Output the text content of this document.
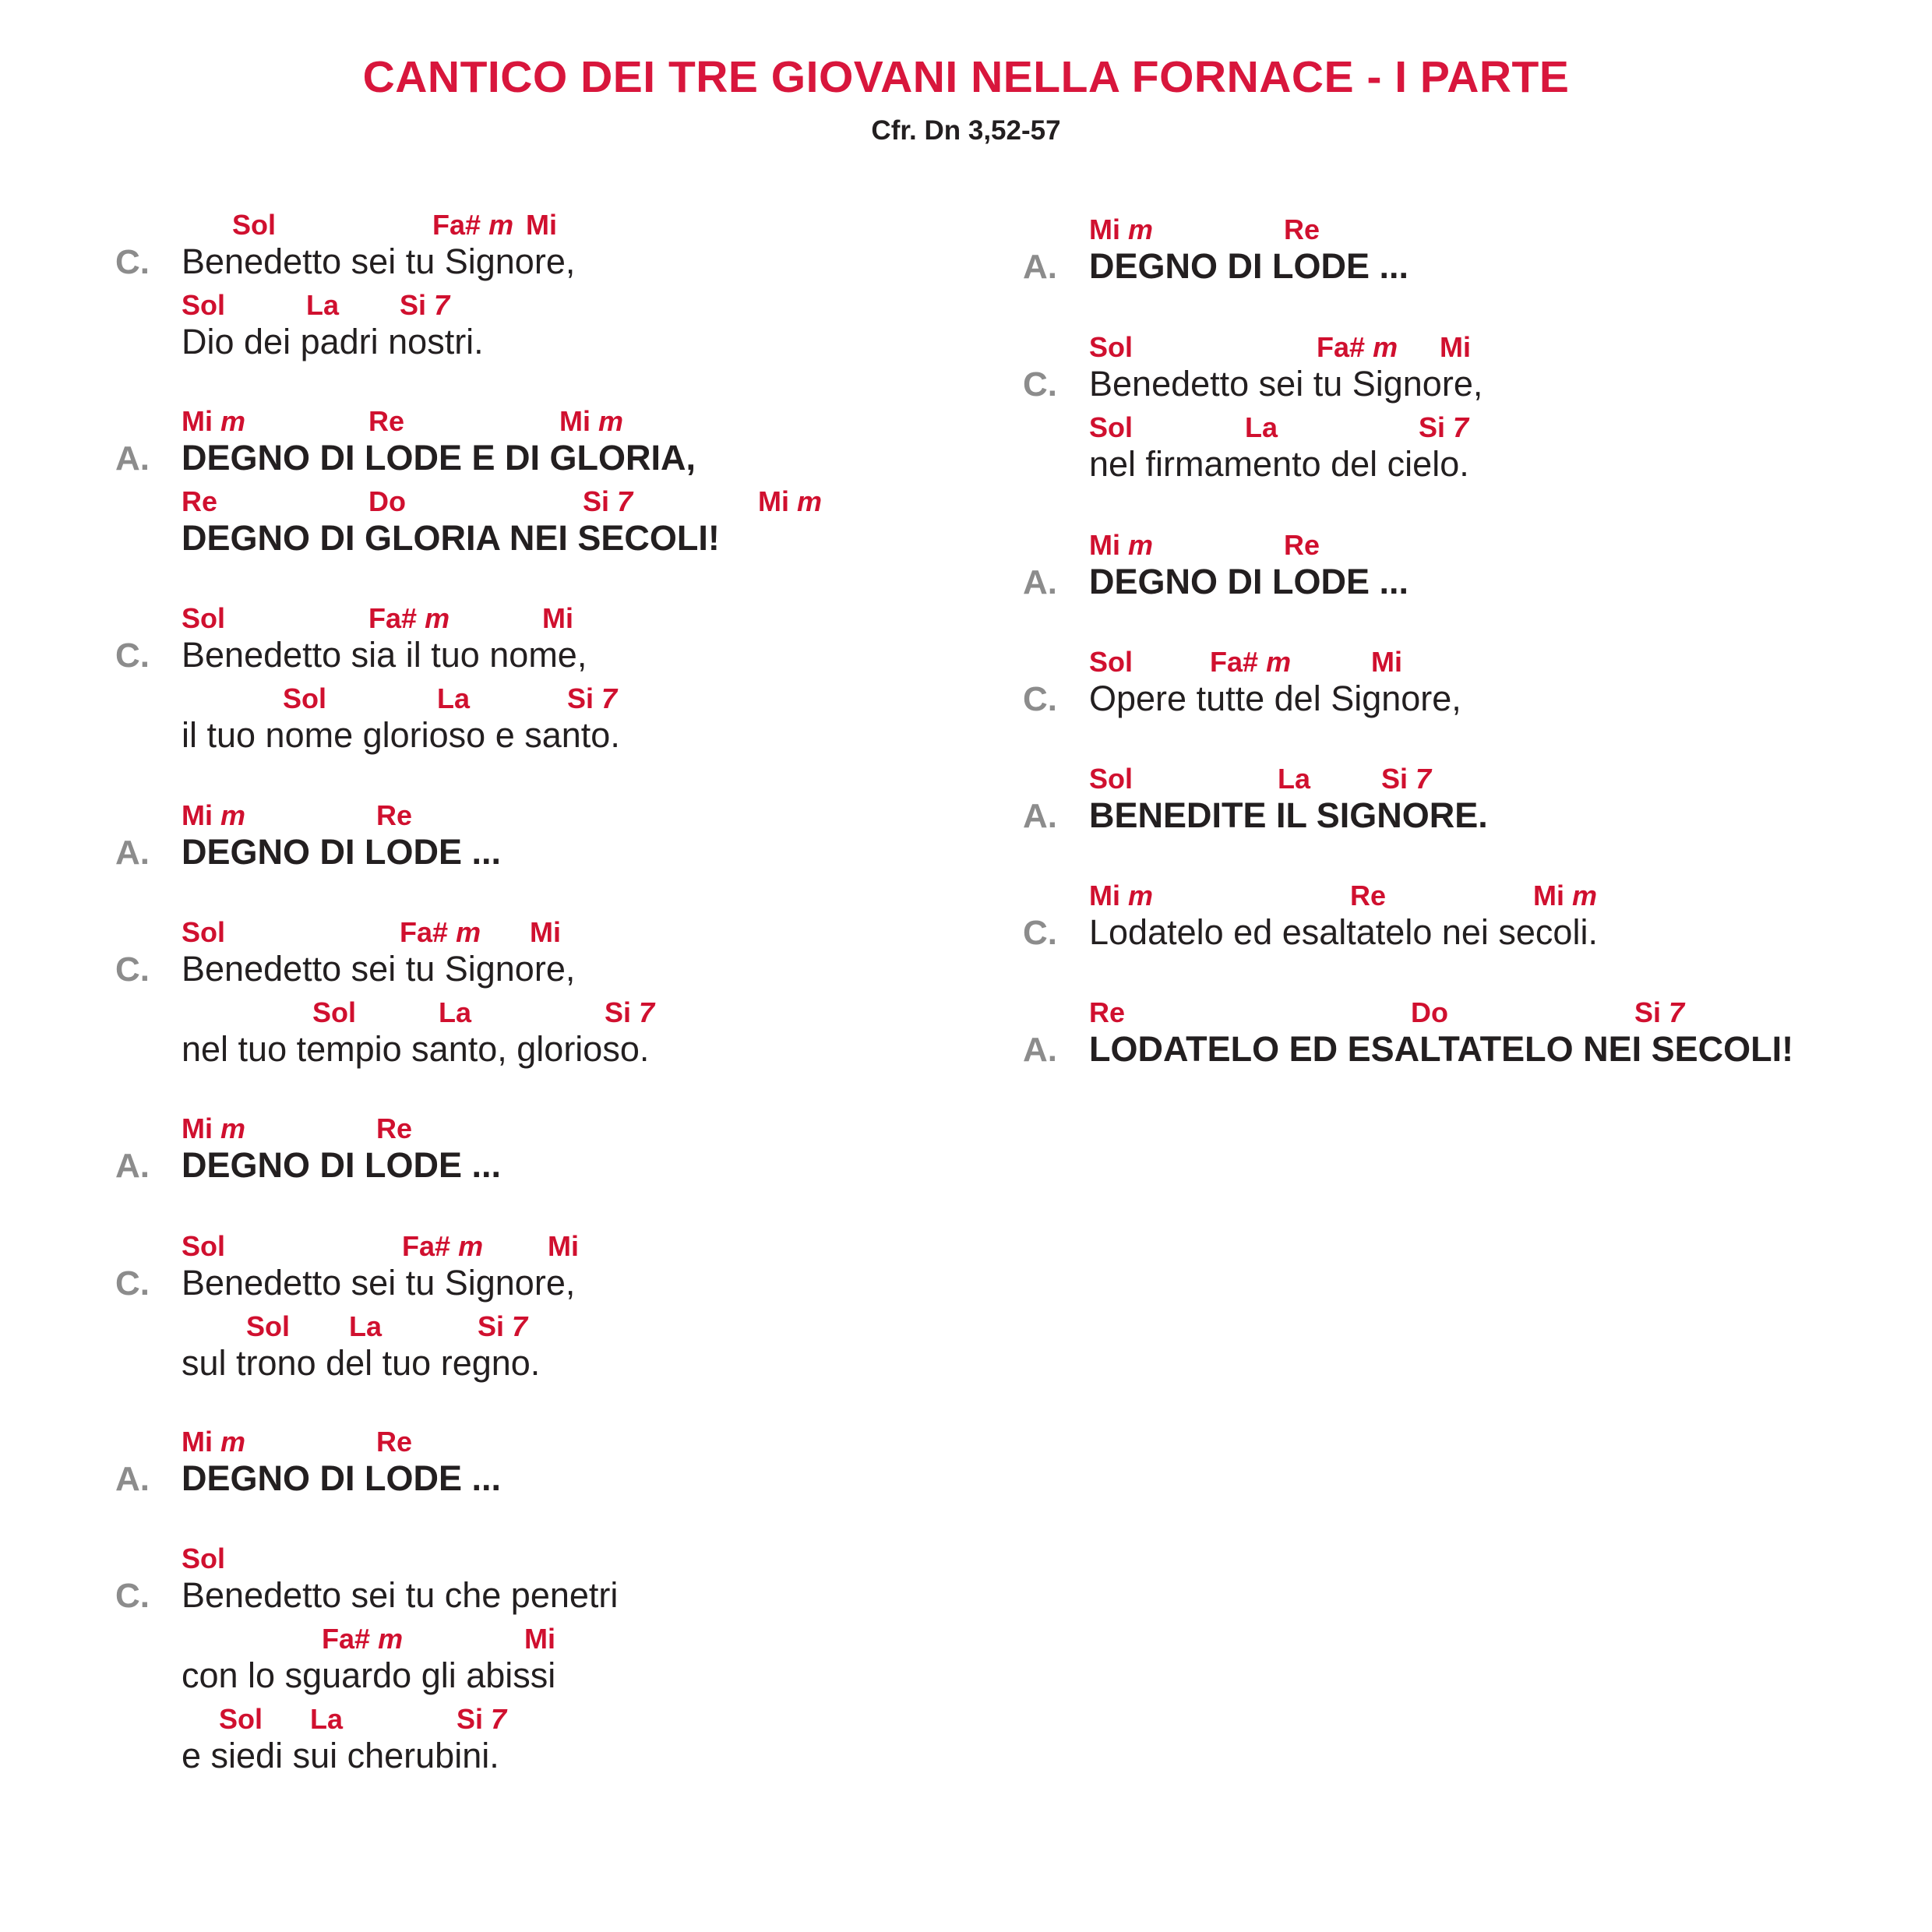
CANTICO DEI TRE GIOVANI NELLA FORNACE - I PARTE
Cfr. Dn 3,52-57
Sol	Fa# m Mi
C. Benedetto sei tu Signore,
Sol	La Si 7
Dio dei padri nostri.
Mi m	Re	Mi m
A. DEGNO DI LODE E DI GLORIA,
Re	Do	Si 7	Mi m
DEGNO DI GLORIA NEI SECOLI!
Sol	Fa# m	Mi
C. Benedetto sia il tuo nome,
Sol	La	Si 7
il tuo nome glorioso e santo.
Mi m	Re
A. DEGNO DI LODE ...
Sol	Fa# m Mi
C. Benedetto sei tu Signore,
Sol	La	Si 7
nel tuo tempio santo, glorioso.
Mi m	Re
A. DEGNO DI LODE ...
Sol	Fa# m Mi
C. Benedetto sei tu Signore,
Sol La	Si 7
sul trono del tuo regno.
Mi m	Re
A. DEGNO DI LODE ...
Sol
C. Benedetto sei tu che penetri
Fa# m	Mi
con lo sguardo gli abissi
Sol La	Si 7
e siedi sui cherubini.
Mi m	Re
A. DEGNO DI LODE ...
Sol	Fa# m Mi
C. Benedetto sei tu Signore,
Sol	La	Si 7
nel firmamento del cielo.
Mi m	Re
A. DEGNO DI LODE ...
Sol	Fa# m	Mi
C. Opere tutte del Signore,
Sol	La	Si 7
A. BENEDITE IL SIGNORE.
Mi m	Re	Mi m
C. Lodatelo ed esaltatelo nei secoli.
Re	Do	Si 7
A. LODATELO ED ESALTATELO NEI SECOLI!
